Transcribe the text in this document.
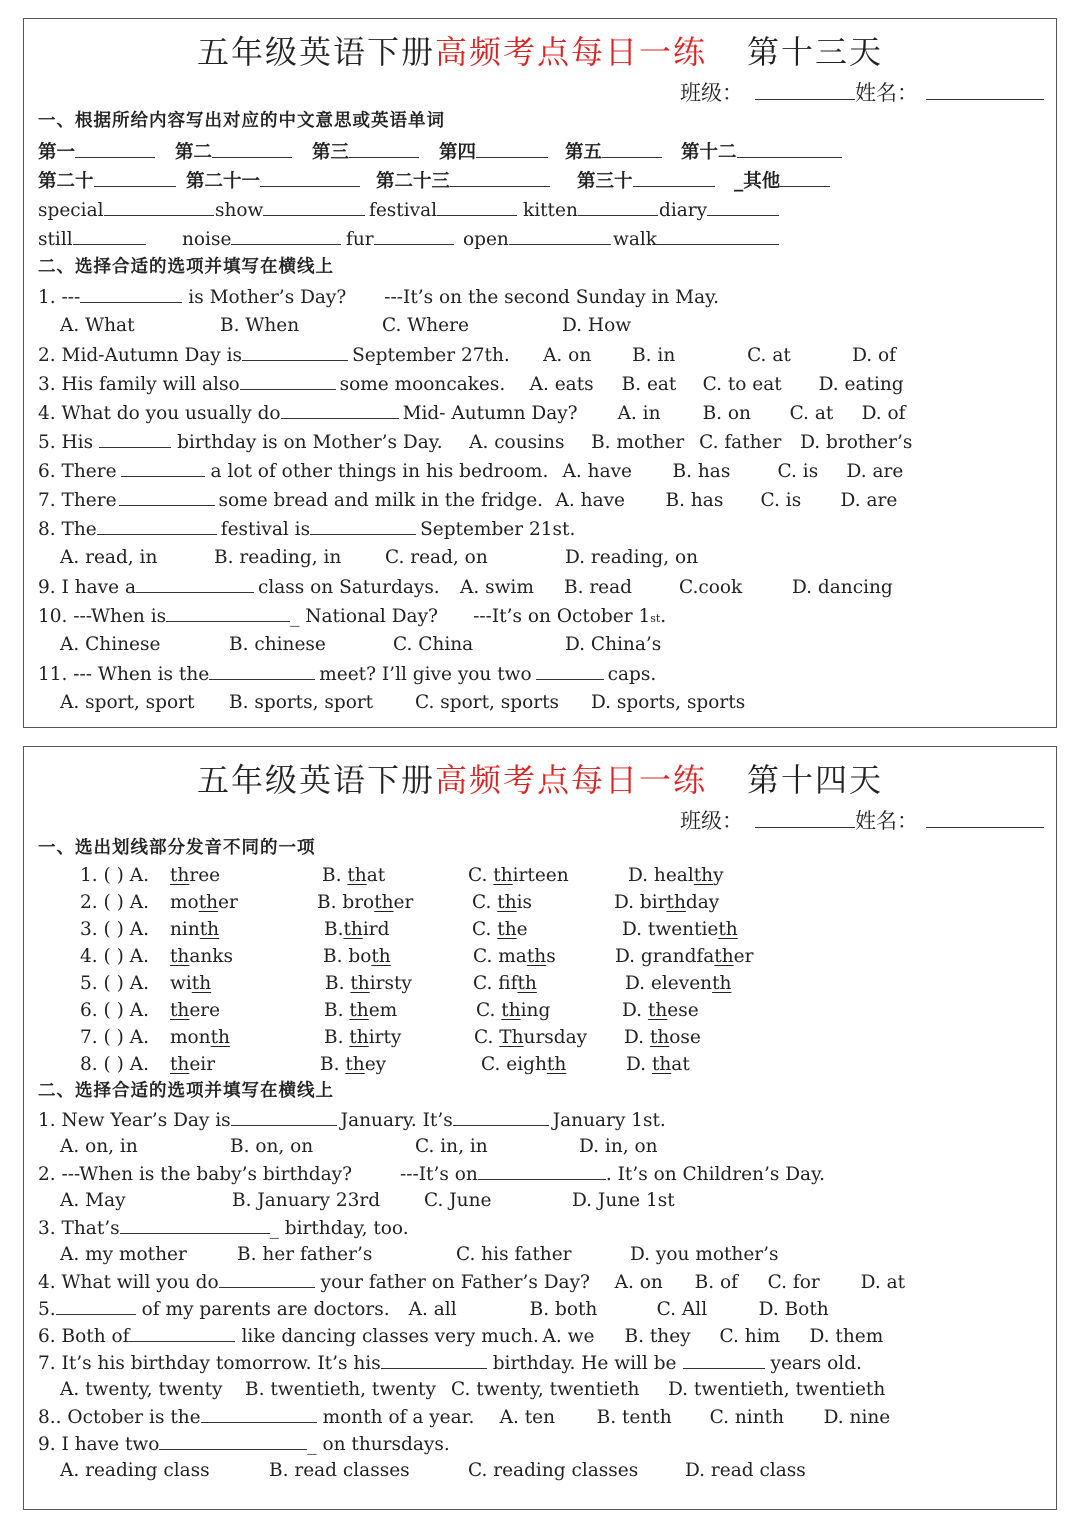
五年级英语下册高频考点每日一练 第十三天
班级：	姓名：
一、根据所给内容写出对应的中文意思或英语单词
第一	第二	第三	第四	第五	第十二
第二十	第二十一	第二十三	第三十	_其他
special	show	festival	kitten	diary
still	noise	fur	open	walk
二、选择合适的选项并填写在横线上
1. ---	is Mother’s Day?	---It’s on the second Sunday in May.
A. What	B. When	C. Where	D. How
2. Mid-Autumn Day is	September 27th.	A. on	B. in	C. at	D. of
3. His family will also	some mooncakes.	A. eats	B. eat	C. to eat	D. eating
4. What do you usually do	Mid- Autumn Day?	A. in	B. on	C. at	D. of
5. His	birthday is on Mother’s Day.	A. cousins	B. mother C. father	D. brother’s
6. There	a lot of other things in his bedroom. A. have	B. has	C. is	D. are
7. There	some bread and milk in the fridge. A. have	B. has	C. is	D. are
8. The	festival is	September 21st.
A. read, in	B. reading, in	C. read, on	D. reading, on
9. I have a	class on Saturdays.	A. swim	B. read	C.cook	D. dancing
10. ---When is	_ National Day?	---It’s on October 1 st .
A. Chinese	B. chinese	C. China	D. China’s
11. --- When is the	meet? I’ll give you two	caps.
A. sport, sport	B. sports, sport	C. sport, sports	D. sports, sports
五年级英语下册高频考点每日一练 第十四天
班级：	姓名：
一、选出划线部分发音不同的一项
1. ( ) A.	three	B. that	C. thirteen	D. healthy
2. ( ) A.	mother	B. brother	C. this	D. birthday
3. ( ) A.	ninth	B.third	C. the	D. twentieth
4. ( ) A.	thanks	B. both	C. maths	D. grandfather
5. ( ) A.	with	B. thirsty	C. fifth	D. eleventh
6. ( ) A.	there	B. them	C. thing	D. these
7. ( ) A.	month	B. thirty	C. Thursday	D. those
8. ( ) A.	their	B. they	C. eighth	D. that
二、选择合适的选项并填写在横线上
1. New Year’s Day is	January. It’s	January 1st.
A. on, in	B. on, on	C. in, in	D. in, on
2. ---When is the baby’s birthday?	---It’s on	. It’s on Children’s Day.
A. May	B. January 23rd	C. June	D. June 1st
3. That’s	_ birthday, too.
A. my mother	B. her father’s	C. his father	D. you mother’s
4. What will you do	your father on Father’s Day?	A. on	B. of	C. for	D. at
5.	of my parents are doctors.	A. all	B. both	C. All	D. Both
6. Both of	like dancing classes very much. A. we	B. they	C. him	D. them
7. It’s his birthday tomorrow. It’s his	birthday. He will be	years old.
A. twenty, twenty	B. twentieth, twenty C. twenty, twentieth	D. twentieth, twentieth
8.. October is the	month of a year.	A. ten	B. tenth	C. ninth	D. nine
9. I have two	_ on thursdays.
A. reading class	B. read classes	C. reading classes	D. read class
